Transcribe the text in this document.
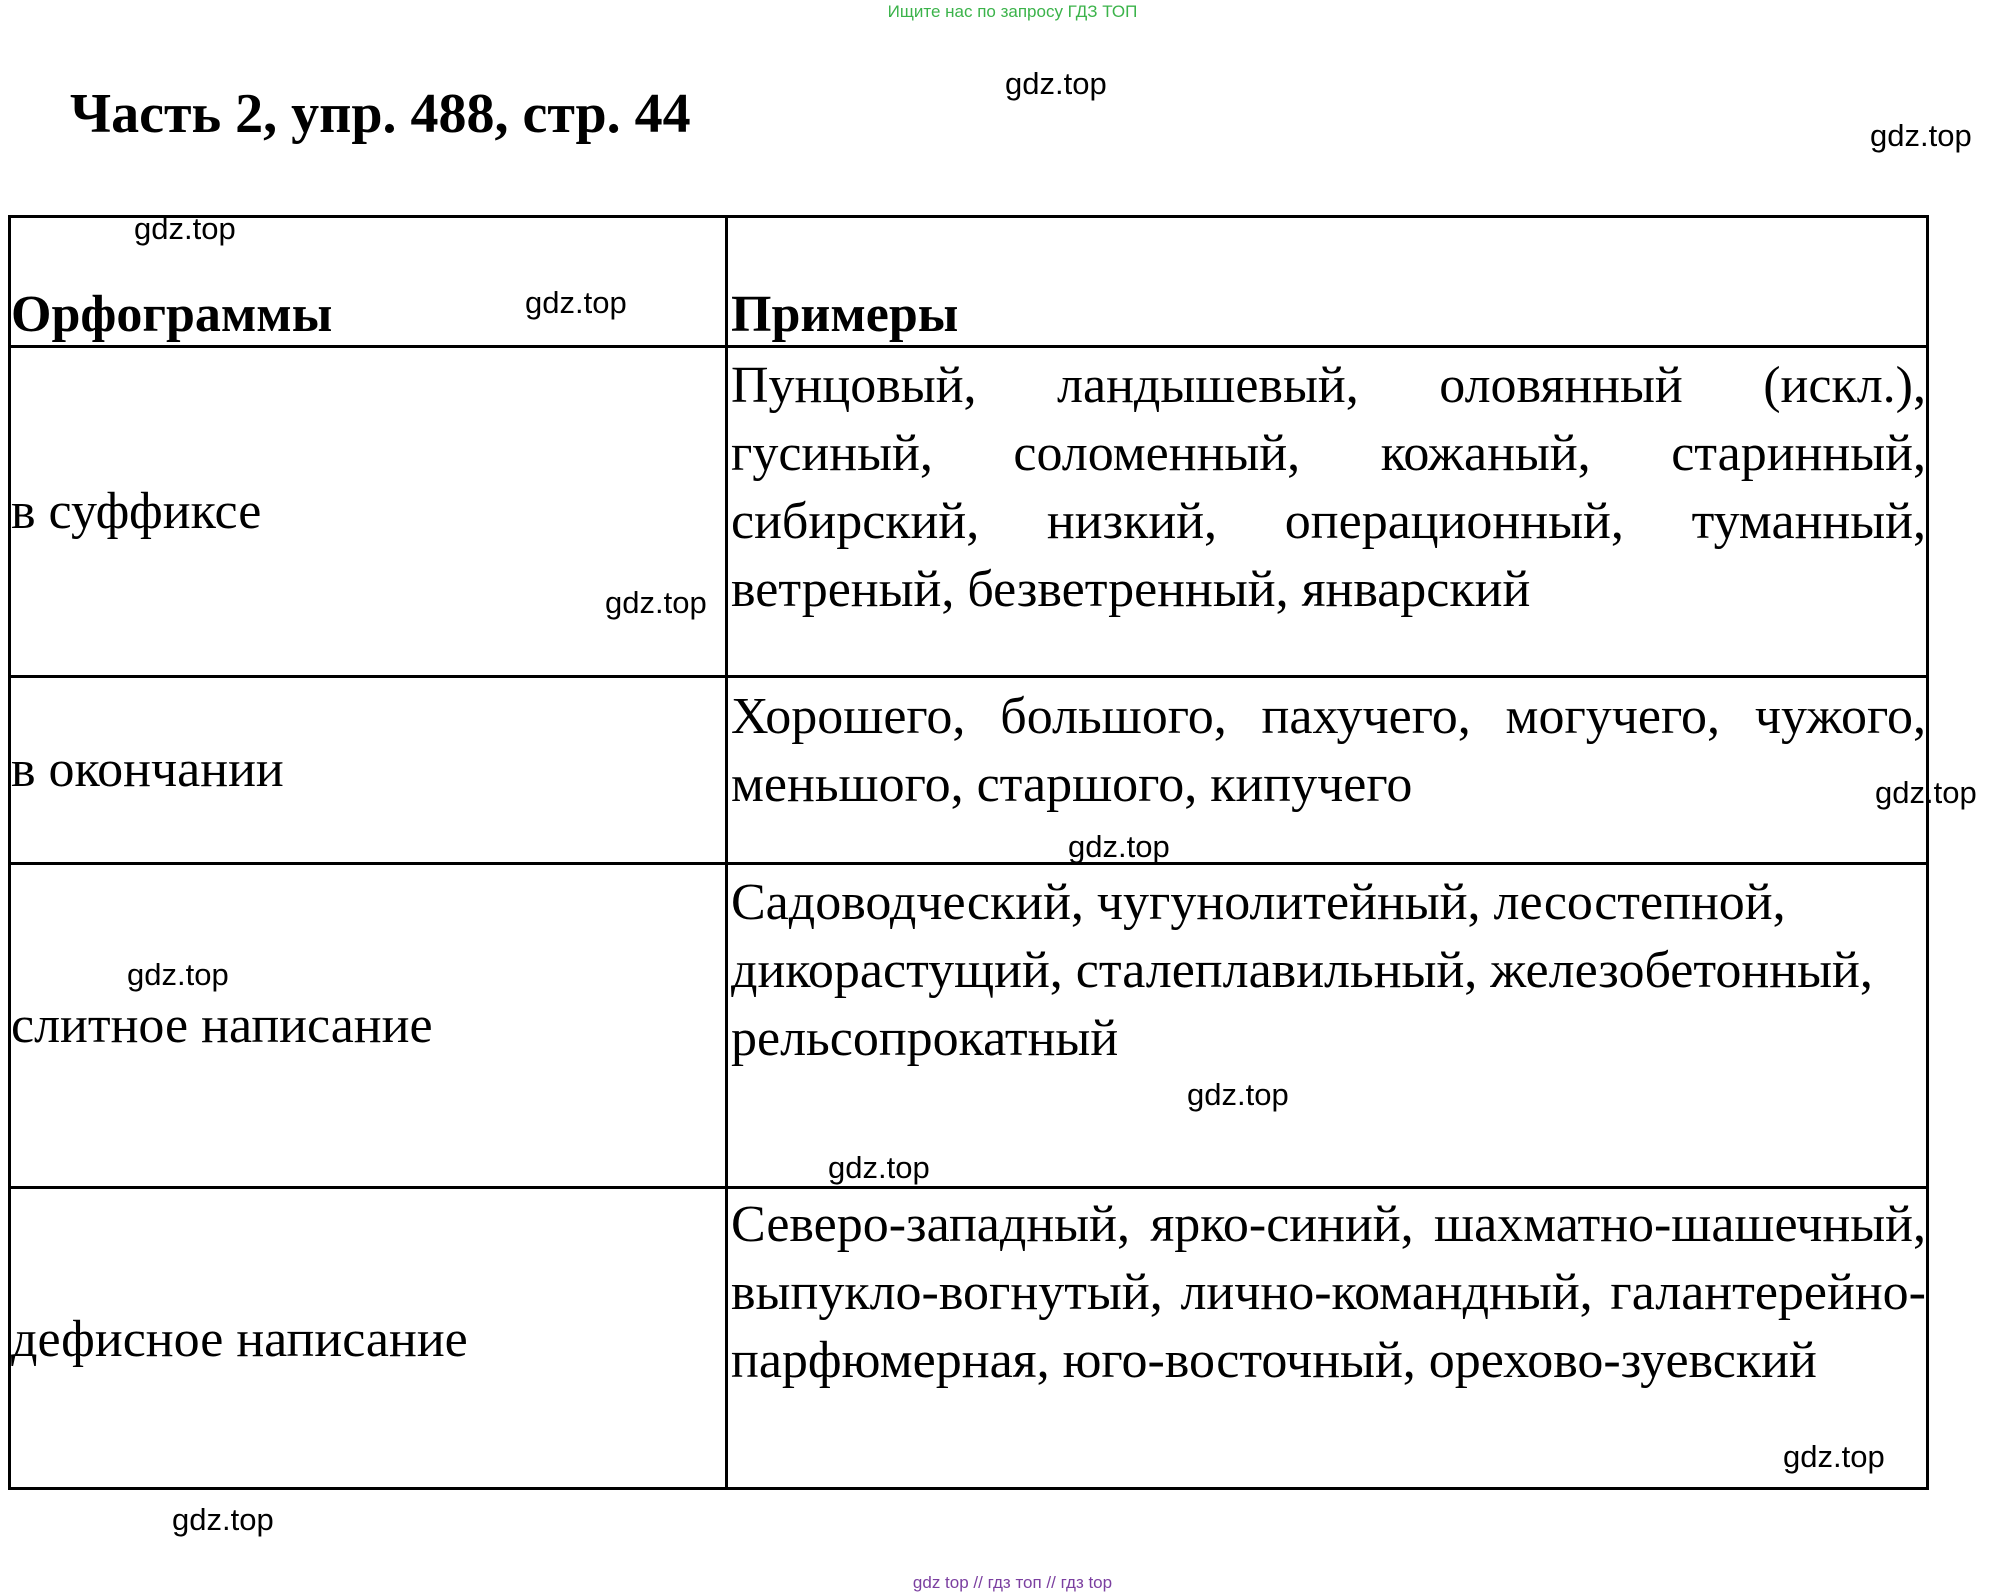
Ищите нас по запросу ГДЗ ТОП
Часть 2, упр. 488, стр. 44
Орфограммы	Примеры
в суффиксе
Пунцовый, ландышевый, оловянный (искл.), гусиный, соломенный, кожаный, старинный, сибирский, низкий, операционный, туманный, ветреный, безветренный, январский
в окончании
Хорошего, большого, пахучего, могучего, чужого, меньшого, старшого, кипучего
слитное написание
Садоводческий, чугунолитейный, лесостепной, дикорастущий, сталеплавильный, железобетонный, рельсопрокатный
дефисное написание
Северо-западный, ярко-синий, шахматно-шашечный, выпукло-вогнутый, лично-командный, галантерейно-парфюмерная, юго-восточный, орехово-зуевский
gdz.top
gdz.top
gdz.top
gdz.top
gdz.top
gdz.top
gdz.top
gdz.top
gdz.top
gdz.top
gdz.top
gdz.top
gdz top // гдз топ // гдз top
